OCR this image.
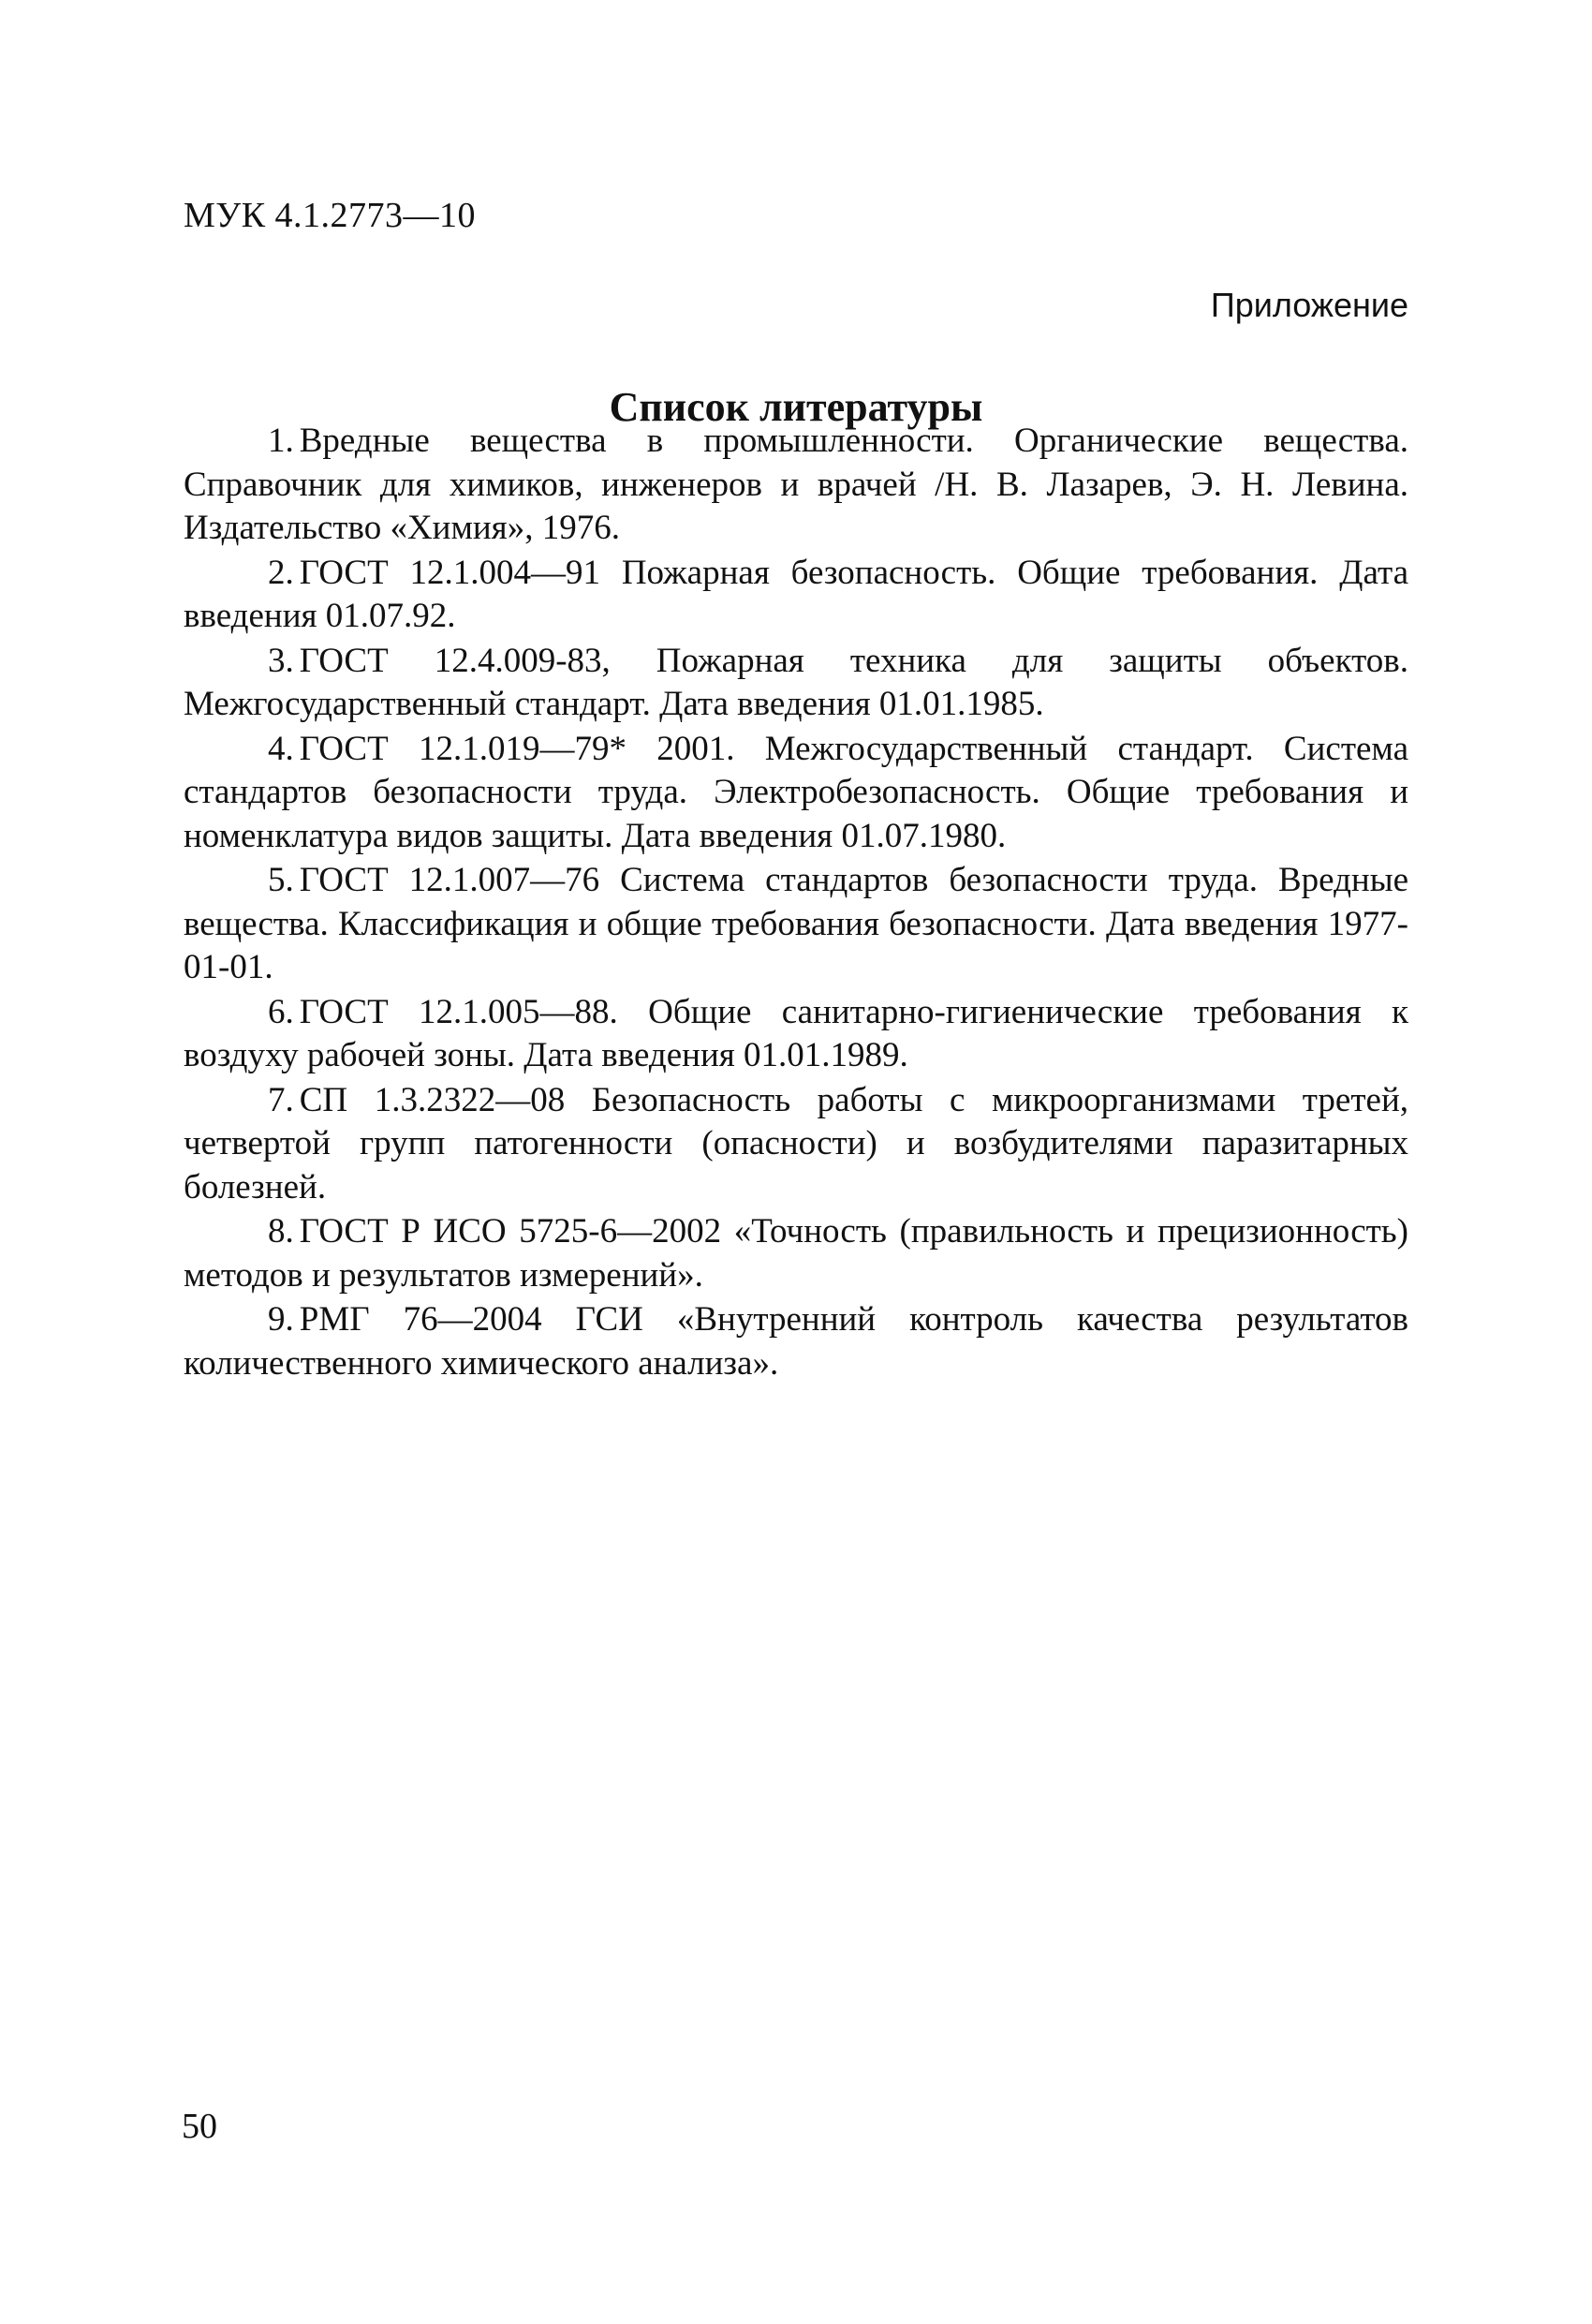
МУК 4.1.2773—10
Приложение
Список литературы
1. Вредные вещества в промышленности. Органические вещества. Справочник для химиков, инженеров и врачей /Н. В. Лазарев, Э. Н. Левина. Издательство «Химия», 1976.
2. ГОСТ 12.1.004—91 Пожарная безопасность. Общие требования. Дата введения 01.07.92.
3. ГОСТ 12.4.009-83, Пожарная техника для защиты объектов. Межгосударственный стандарт. Дата введения 01.01.1985.
4. ГОСТ 12.1.019—79* 2001. Межгосударственный стандарт. Система стандартов безопасности труда. Электробезопасность. Общие требования и номенклатура видов защиты. Дата введения 01.07.1980.
5. ГОСТ 12.1.007—76 Система стандартов безопасности труда. Вредные вещества. Классификация и общие требования безопасности. Дата введения 1977-01-01.
6. ГОСТ 12.1.005—88. Общие санитарно-гигиенические требования к воздуху рабочей зоны. Дата введения 01.01.1989.
7. СП 1.3.2322—08 Безопасность работы с микроорганизмами третей, четвертой групп патогенности (опасности) и возбудителями паразитарных болезней.
8. ГОСТ Р ИСО 5725-6—2002 «Точность (правильность и прецизионность) методов и результатов измерений».
9. РМГ 76—2004 ГСИ «Внутренний контроль качества результатов количественного химического анализа».
50
